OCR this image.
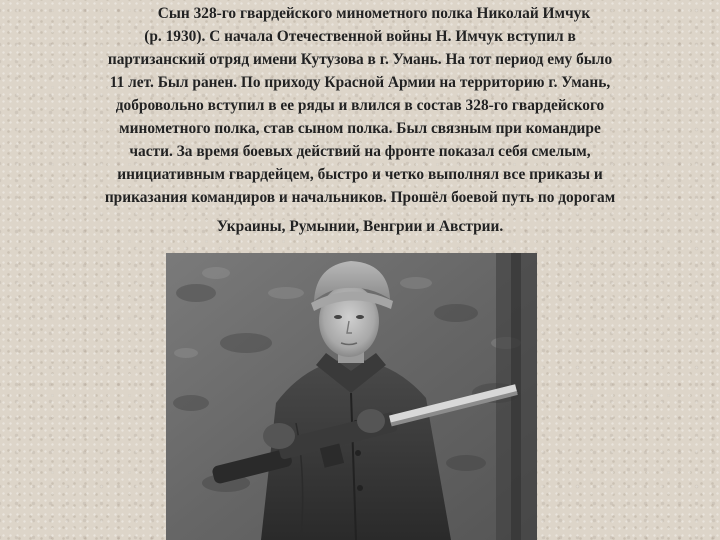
Сын 328-го гвардейского минометного полка Николай Имчук
(р. 1930). С начала Отечественной войны Н. Имчук вступил в
партизанский отряд имени Кутузова в г. Умань. На тот период ему было
11 лет. Был ранен. По приходу Красной Армии на территорию г. Умань,
добровольно вступил в ее ряды и влился в состав 328-го гвардейского
минометного полка, став сыном полка. Был связным при командире
части. За время боевых действий на фронте показал себя смелым,
инициативным гвардейцем, быстро и четко выполнял все приказы и
приказания командиров и начальников. Прошёл боевой путь по дорогам
Украины, Румынии, Венгрии и Австрии.
